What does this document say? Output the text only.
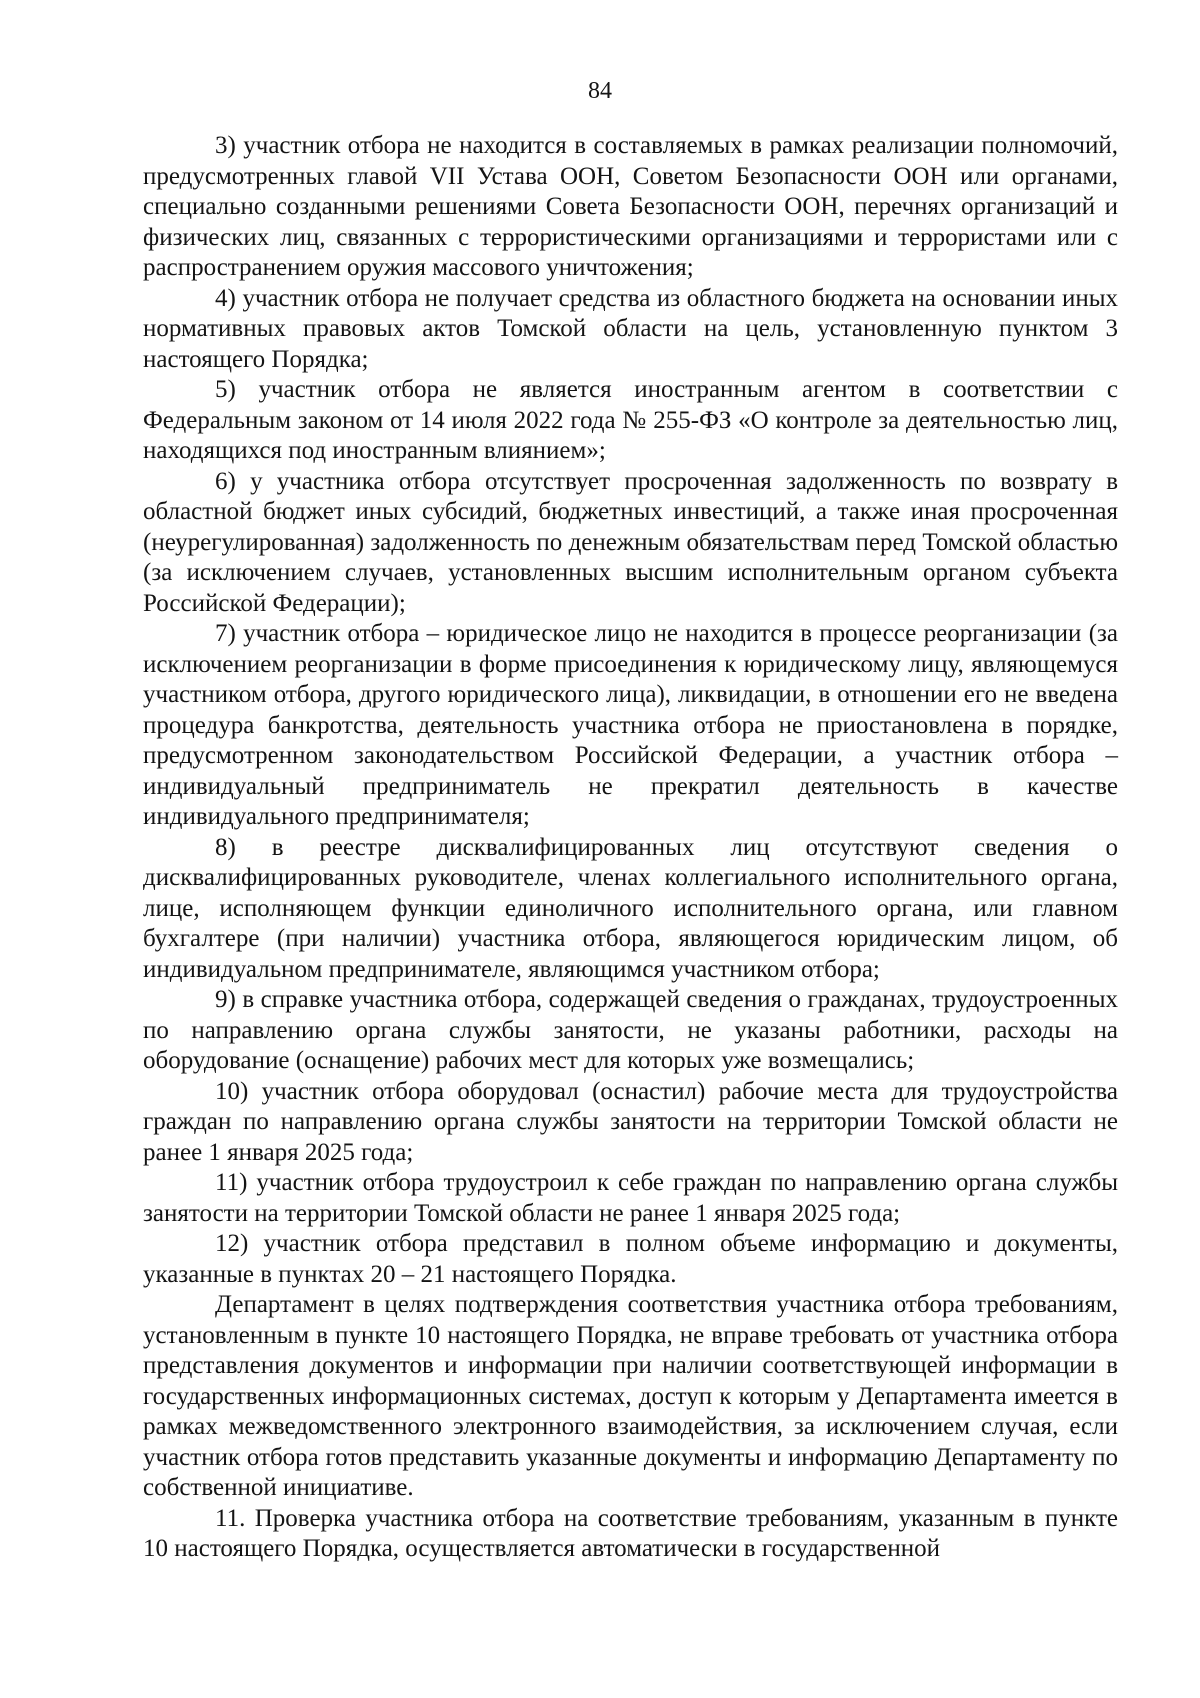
84

3) участник отбора не находится в составляемых в рамках реализации полномочий, предусмотренных главой VII Устава ООН, Советом Безопасности ООН или органами, специально созданными решениями Совета Безопасности ООН, перечнях организаций и физических лиц, связанных с террористическими организациями и террористами или с распространением оружия массового уничтожения;

4) участник отбора не получает средства из областного бюджета на основании иных нормативных правовых актов Томской области на цель, установленную пунктом 3 настоящего Порядка;

5) участник отбора не является иностранным агентом в соответствии с Федеральным законом от 14 июля 2022 года № 255-ФЗ «О контроле за деятельностью лиц, находящихся под иностранным влиянием»;

6) у участника отбора отсутствует просроченная задолженность по возврату в областной бюджет иных субсидий, бюджетных инвестиций, а также иная просроченная (неурегулированная) задолженность по денежным обязательствам перед Томской областью (за исключением случаев, установленных высшим исполнительным органом субъекта Российской Федерации);

7) участник отбора – юридическое лицо не находится в процессе реорганизации (за исключением реорганизации в форме присоединения к юридическому лицу, являющемуся участником отбора, другого юридического лица), ликвидации, в отношении его не введена процедура банкротства, деятельность участника отбора не приостановлена в порядке, предусмотренном законодательством Российской Федерации, а участник отбора – индивидуальный предприниматель не прекратил деятельность в качестве индивидуального предпринимателя;

8) в реестре дисквалифицированных лиц отсутствуют сведения о дисквалифицированных руководителе, членах коллегиального исполнительного органа, лице, исполняющем функции единоличного исполнительного органа, или главном бухгалтере (при наличии) участника отбора, являющегося юридическим лицом, об индивидуальном предпринимателе, являющимся участником отбора;

9) в справке участника отбора, содержащей сведения о гражданах, трудоустроенных по направлению органа службы занятости, не указаны работники, расходы на оборудование (оснащение) рабочих мест для которых уже возмещались;

10) участник отбора оборудовал (оснастил) рабочие места для трудоустройства граждан по направлению органа службы занятости на территории Томской области не ранее 1 января 2025 года;

11) участник отбора трудоустроил к себе граждан по направлению органа службы занятости на территории Томской области не ранее 1 января 2025 года;

12) участник отбора представил в полном объеме информацию и документы, указанные в пунктах 20 – 21 настоящего Порядка.

Департамент в целях подтверждения соответствия участника отбора требованиям, установленным в пункте 10 настоящего Порядка, не вправе требовать от участника отбора представления документов и информации при наличии соответствующей информации в государственных информационных системах, доступ к которым у Департамента имеется в рамках межведомственного электронного взаимодействия, за исключением случая, если участник отбора готов представить указанные документы и информацию Департаменту по собственной инициативе.

11. Проверка участника отбора на соответствие требованиям, указанным в пункте 10 настоящего Порядка, осуществляется автоматически в государственной
